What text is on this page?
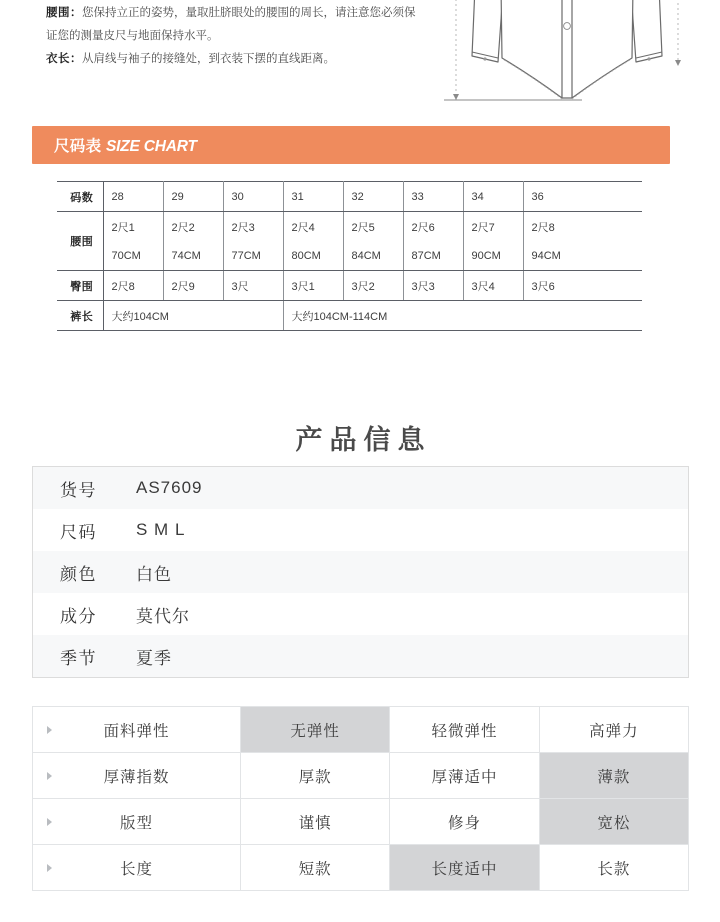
腰围：您保持立正的姿势，量取肚脐眼处的腰围的周长，请注意您必须保
证您的测量皮尺与地面保持水平。
衣长：从肩线与袖子的接缝处，到衣装下摆的直线距离。
尺码表 SIZE CHART
码数	28	29	30	31	32	33	34	36
腰围	2尺1	2尺2	2尺3	2尺4	2尺5	2尺6	2尺7	2尺8
	70CM	74CM	77CM	80CM	84CM	87CM	90CM	94CM
臀围	2尺8	2尺9	3尺	3尺1	3尺2	3尺3	3尺4	3尺6
裤长	大约104CM			大约104CM-114CM				
产品信息
货号	AS7609
尺码	S M L
颜色	白色
成分	莫代尔
季节	夏季
面料弹性	无弹性	轻微弹性	高弹力

厚薄指数	厚款	厚薄适中	薄款

版型	谨慎	修身	宽松

长度	短款	长度适中	长款
